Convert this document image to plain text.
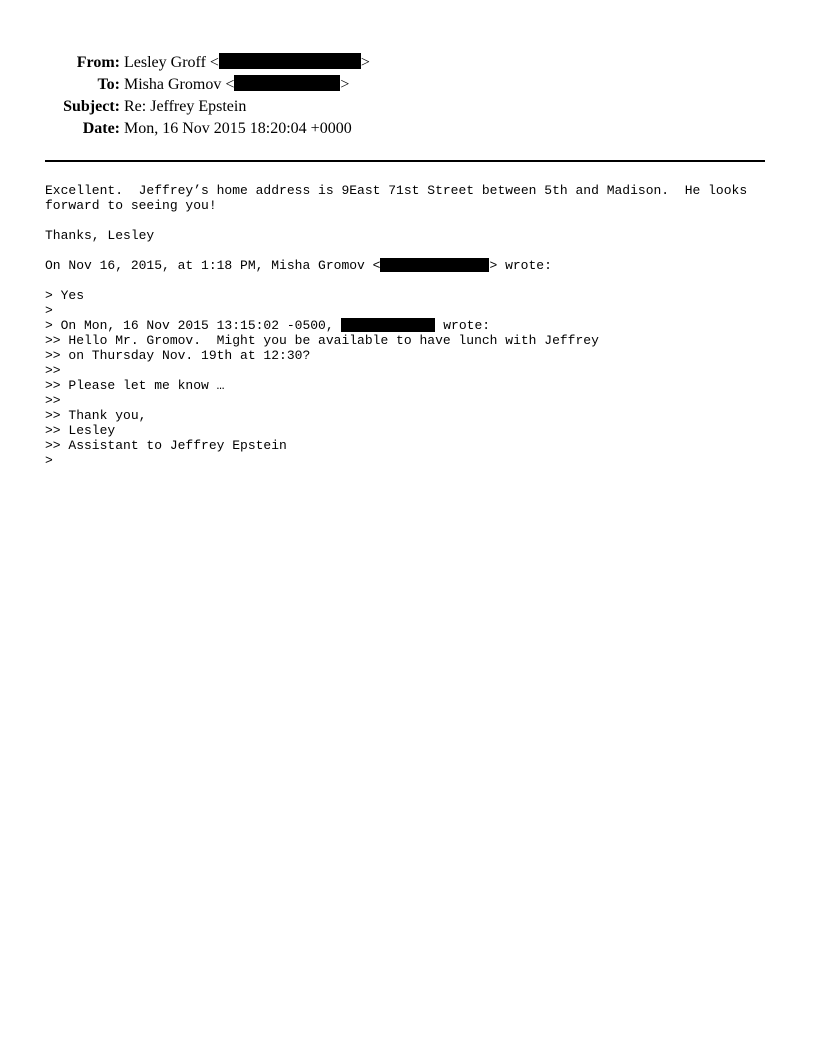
From: Lesley Groff <	>
To: Misha Gromov <	>
Subject: Re: Jeffrey Epstein
Date: Mon, 16 Nov 2015 18:20:04 +0000
Excellent.  Jeffrey’s home address is 9East 71st Street between 5th and Madison.  He looks
forward to seeing you!
Thanks, Lesley
On Nov 16, 2015, at 1:18 PM, Misha Gromov <	> wrote:
> Yes
>
> On Mon, 16 Nov 2015 13:15:02 -0500,	wrote:
>> Hello Mr. Gromov.  Might you be available to have lunch with Jeffrey
>> on Thursday Nov. 19th at 12:30?
>>
>> Please let me know …
>>
>> Thank you,
>> Lesley
>> Assistant to Jeffrey Epstein
>
